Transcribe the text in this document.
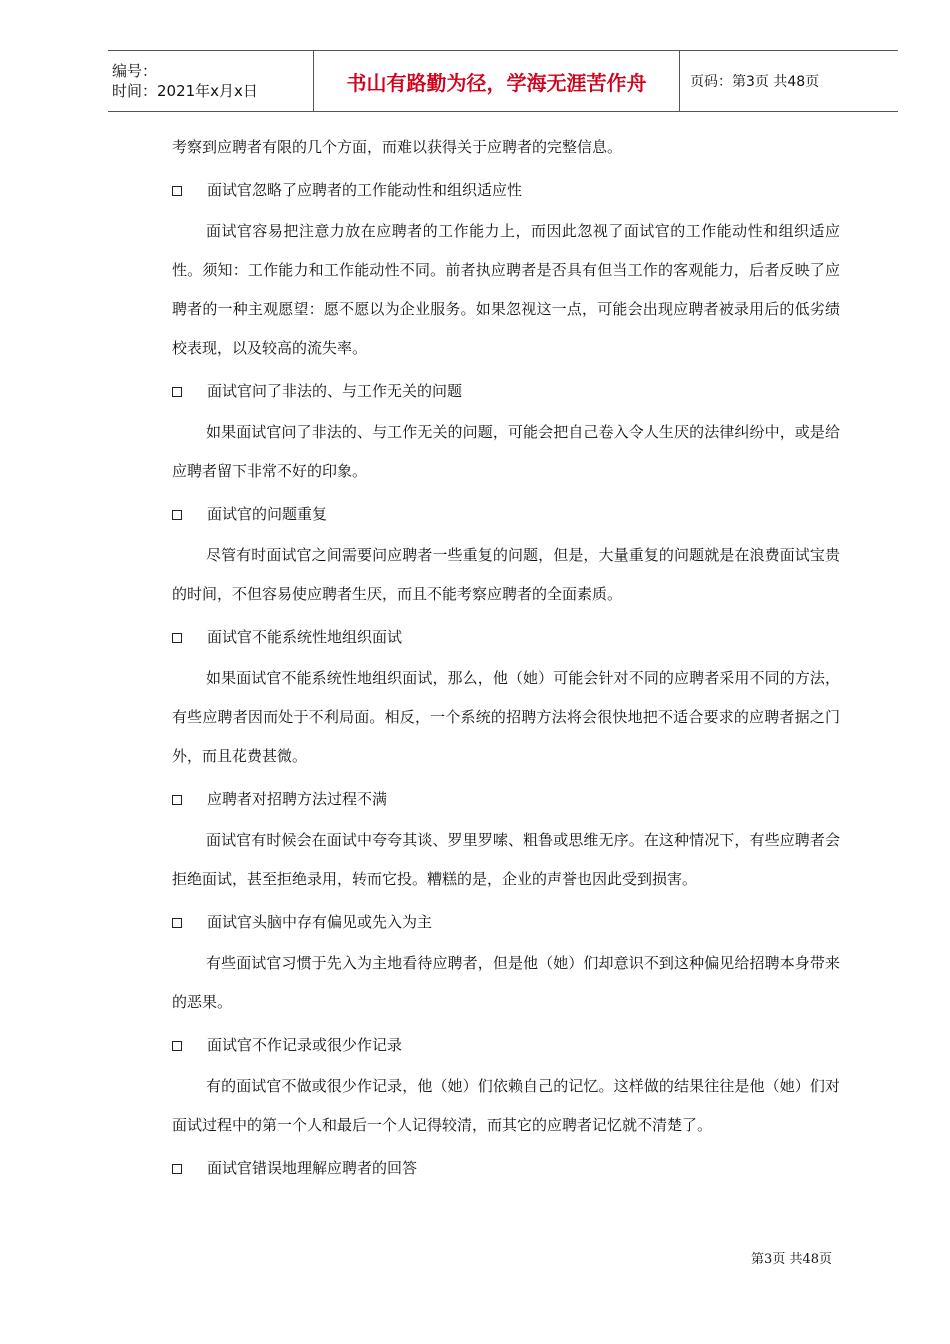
编号：
时间：2021年x月x日	书山有路勤为径，学海无涯苦作舟	页码：第3页 共48页

考察到应聘者有限的几个方面，而难以获得关于应聘者的完整信息。

面试官忽略了应聘者的工作能动性和组织适应性

面试官容易把注意力放在应聘者的工作能力上，而因此忽视了面试官的工作能动性和组织适应性。须知：工作能力和工作能动性不同。前者执应聘者是否具有但当工作的客观能力，后者反映了应聘者的一种主观愿望：愿不愿以为企业服务。如果忽视这一点，可能会出现应聘者被录用后的低劣绩校表现，以及较高的流失率。

面试官问了非法的、与工作无关的问题

如果面试官问了非法的、与工作无关的问题，可能会把自己卷入令人生厌的法律纠纷中，或是给应聘者留下非常不好的印象。

面试官的问题重复

尽管有时面试官之间需要问应聘者一些重复的问题，但是，大量重复的问题就是在浪费面试宝贵的时间，不但容易使应聘者生厌，而且不能考察应聘者的全面素质。

面试官不能系统性地组织面试

如果面试官不能系统性地组织面试，那么，他（她）可能会针对不同的应聘者采用不同的方法，有些应聘者因而处于不利局面。相反，一个系统的招聘方法将会很快地把不适合要求的应聘者据之门外，而且花费甚微。

应聘者对招聘方法过程不满

面试官有时候会在面试中夸夸其谈、罗里罗嗦、粗鲁或思维无序。在这种情况下，有些应聘者会拒绝面试，甚至拒绝录用，转而它投。糟糕的是，企业的声誉也因此受到损害。

面试官头脑中存有偏见或先入为主

有些面试官习惯于先入为主地看待应聘者，但是他（她）们却意识不到这种偏见给招聘本身带来的恶果。

面试官不作记录或很少作记录

有的面试官不做或很少作记录，他（她）们依赖自己的记忆。这样做的结果往往是他（她）们对面试过程中的第一个人和最后一个人记得较清，而其它的应聘者记忆就不清楚了。

面试官错误地理解应聘者的回答
第3页 共48页
